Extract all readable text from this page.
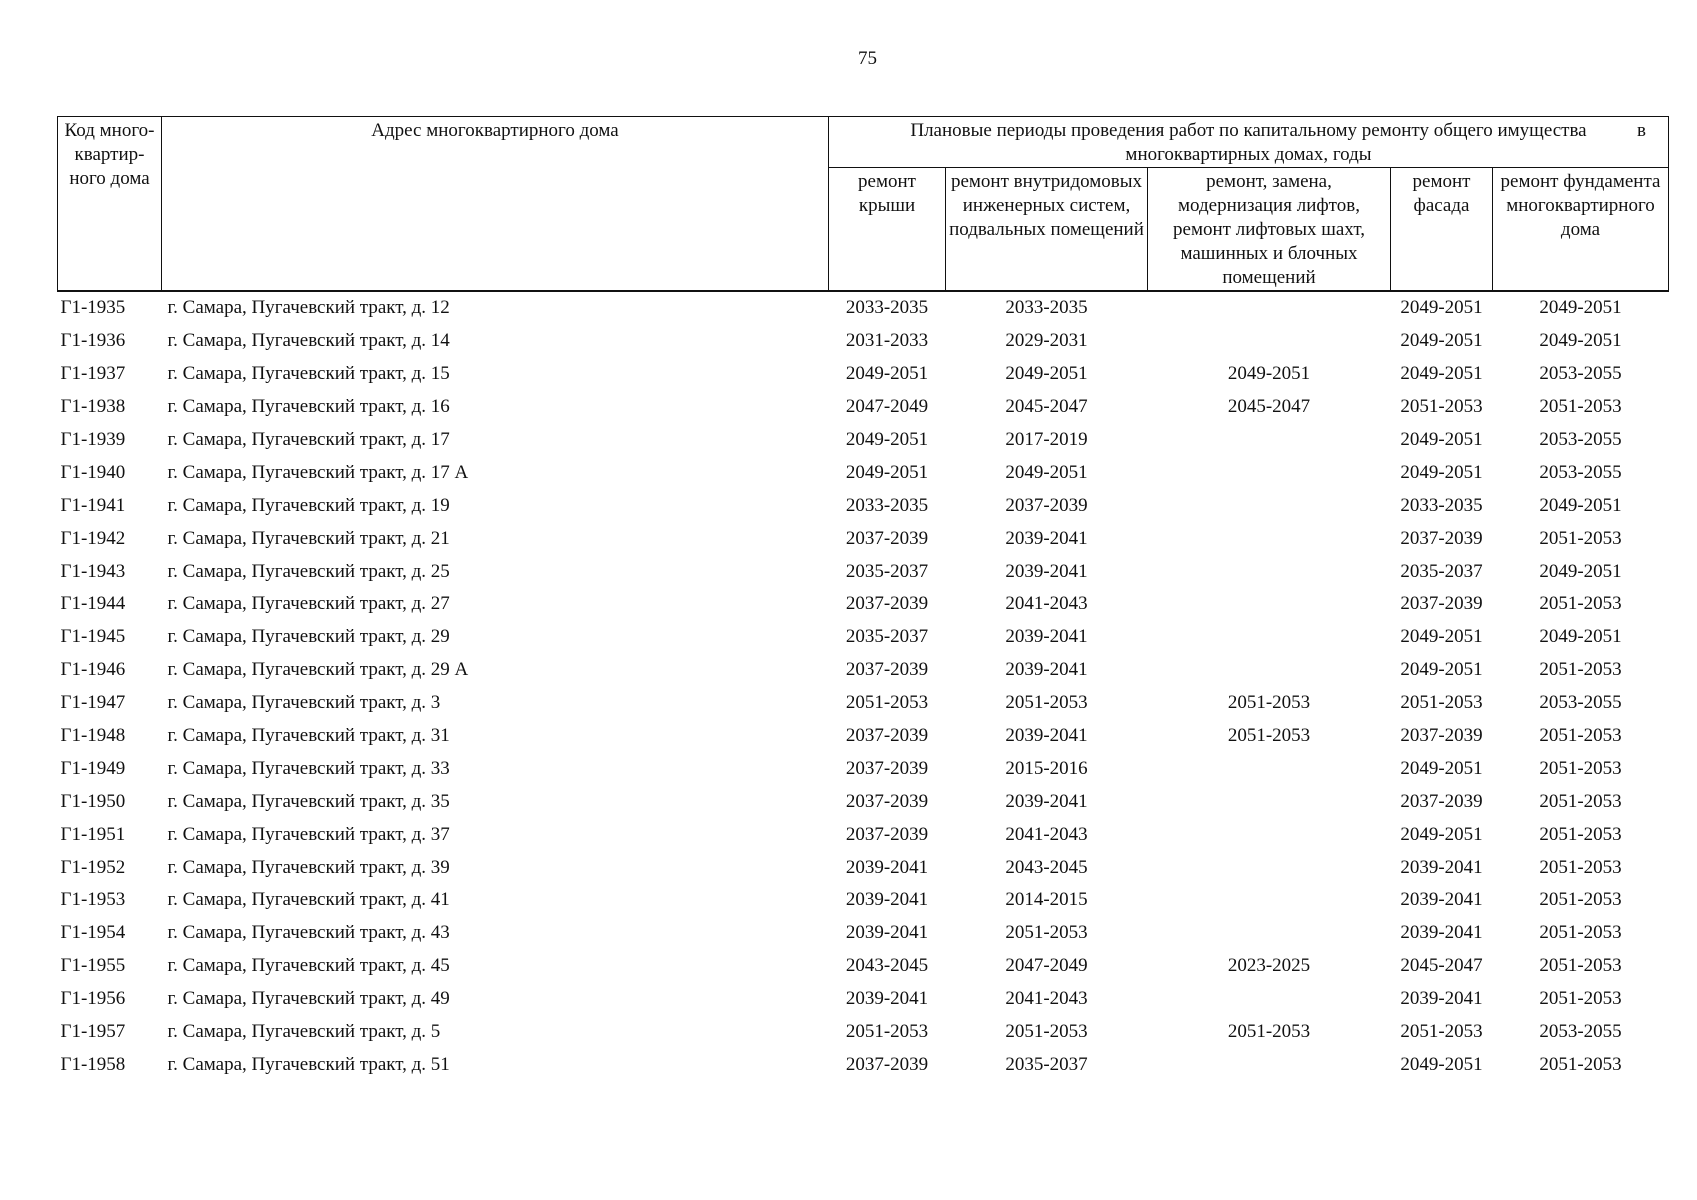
75
Код много-квартир-ного дома	Адрес многоквартирного дома	Плановые периоды проведения работ по капитальному ремонту общего имущества в

многоквартирных домах, годы				
		ремонт крыши	ремонт внутридомовых инженерных систем, подвальных помещений	ремонт, замена, модернизация лифтов, ремонт лифтовых шахт, машинных и блочных помещений	ремонт фасада	ремонт фундамента многоквартирного дома
Г1-1935	г. Самара, Пугачевский тракт, д. 12	2033-2035	2033-2035		2049-2051	2049-2051
Г1-1936	г. Самара, Пугачевский тракт, д. 14	2031-2033	2029-2031		2049-2051	2049-2051
Г1-1937	г. Самара, Пугачевский тракт, д. 15	2049-2051	2049-2051	2049-2051	2049-2051	2053-2055
Г1-1938	г. Самара, Пугачевский тракт, д. 16	2047-2049	2045-2047	2045-2047	2051-2053	2051-2053
Г1-1939	г. Самара, Пугачевский тракт, д. 17	2049-2051	2017-2019		2049-2051	2053-2055
Г1-1940	г. Самара, Пугачевский тракт, д. 17 А	2049-2051	2049-2051		2049-2051	2053-2055
Г1-1941	г. Самара, Пугачевский тракт, д. 19	2033-2035	2037-2039		2033-2035	2049-2051
Г1-1942	г. Самара, Пугачевский тракт, д. 21	2037-2039	2039-2041		2037-2039	2051-2053
Г1-1943	г. Самара, Пугачевский тракт, д. 25	2035-2037	2039-2041		2035-2037	2049-2051
Г1-1944	г. Самара, Пугачевский тракт, д. 27	2037-2039	2041-2043		2037-2039	2051-2053
Г1-1945	г. Самара, Пугачевский тракт, д. 29	2035-2037	2039-2041		2049-2051	2049-2051
Г1-1946	г. Самара, Пугачевский тракт, д. 29 А	2037-2039	2039-2041		2049-2051	2051-2053
Г1-1947	г. Самара, Пугачевский тракт, д. 3	2051-2053	2051-2053	2051-2053	2051-2053	2053-2055
Г1-1948	г. Самара, Пугачевский тракт, д. 31	2037-2039	2039-2041	2051-2053	2037-2039	2051-2053
Г1-1949	г. Самара, Пугачевский тракт, д. 33	2037-2039	2015-2016		2049-2051	2051-2053
Г1-1950	г. Самара, Пугачевский тракт, д. 35	2037-2039	2039-2041		2037-2039	2051-2053
Г1-1951	г. Самара, Пугачевский тракт, д. 37	2037-2039	2041-2043		2049-2051	2051-2053
Г1-1952	г. Самара, Пугачевский тракт, д. 39	2039-2041	2043-2045		2039-2041	2051-2053
Г1-1953	г. Самара, Пугачевский тракт, д. 41	2039-2041	2014-2015		2039-2041	2051-2053
Г1-1954	г. Самара, Пугачевский тракт, д. 43	2039-2041	2051-2053		2039-2041	2051-2053
Г1-1955	г. Самара, Пугачевский тракт, д. 45	2043-2045	2047-2049	2023-2025	2045-2047	2051-2053
Г1-1956	г. Самара, Пугачевский тракт, д. 49	2039-2041	2041-2043		2039-2041	2051-2053
Г1-1957	г. Самара, Пугачевский тракт, д. 5	2051-2053	2051-2053	2051-2053	2051-2053	2053-2055
Г1-1958	г. Самара, Пугачевский тракт, д. 51	2037-2039	2035-2037		2049-2051	2051-2053
